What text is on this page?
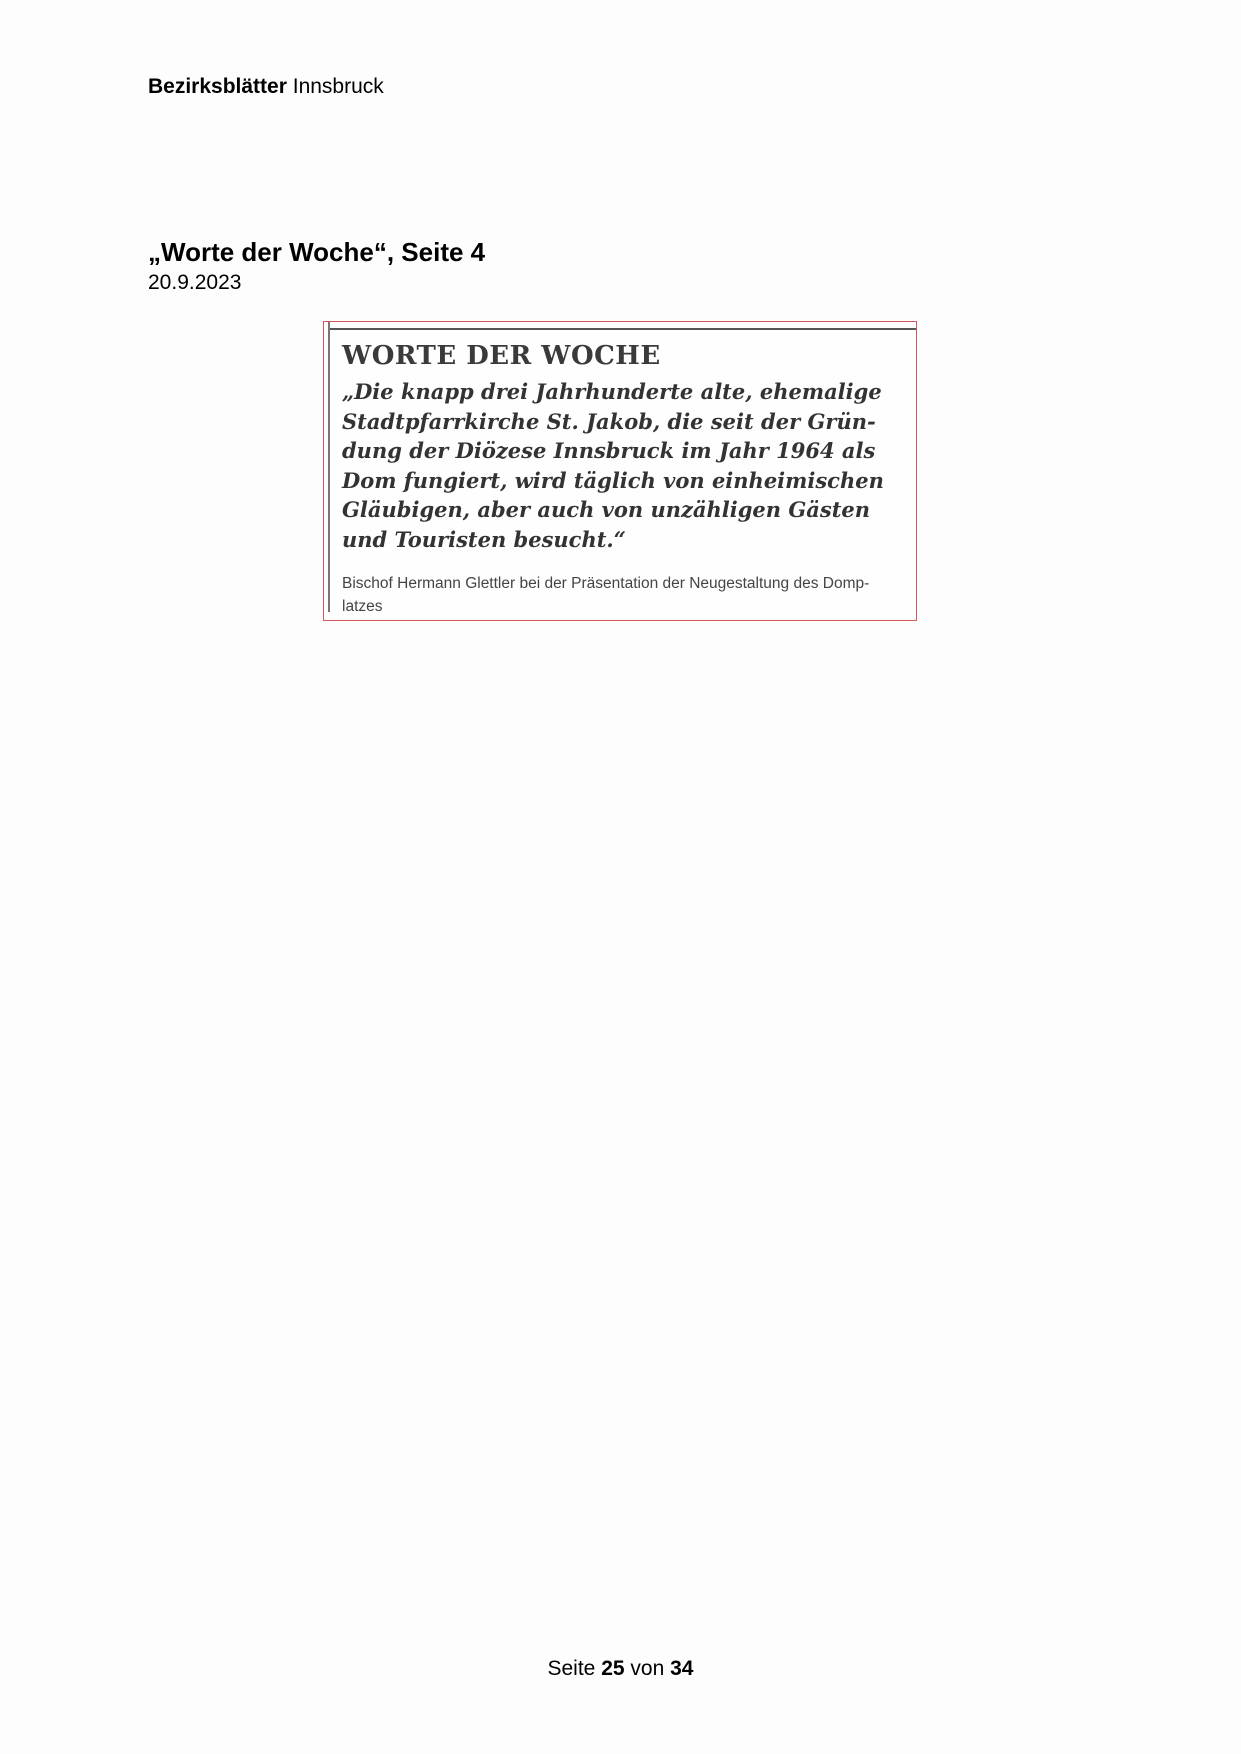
Bezirksblätter Innsbruck
„Worte der Woche“, Seite 4
20.9.2023
WORTE DER WOCHE

„Die knapp drei Jahrhunderte alte, ehemalige
Stadtpfarrkirche St. Jakob, die seit der Grün-
dung der Diözese Innsbruck im Jahr 1964 als
Dom fungiert, wird täglich von einheimischen
Gläubigen, aber auch von unzähligen Gästen
und Touristen besucht.“

Bischof Hermann Glettler bei der Präsentation der Neugestaltung des Domp-
latzes

Seite 25 von 34
